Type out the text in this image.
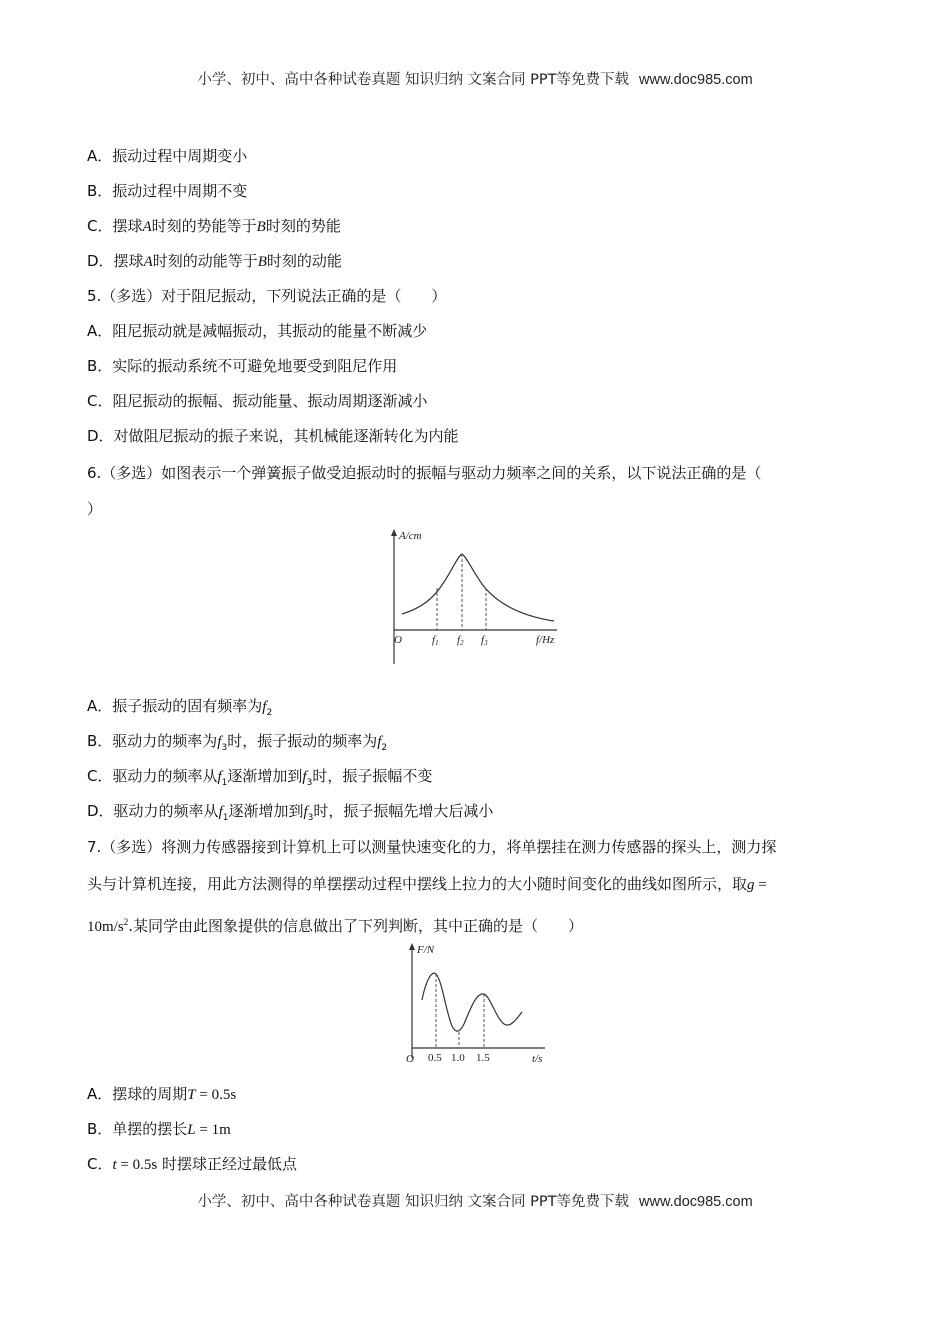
小学、初中、高中各种试卷真题 知识归纳 文案合同 PPT等免费下载 www.doc985.com
A．振动过程中周期变小
B．振动过程中周期不变
C．摆球A时刻的势能等于B时刻的势能
D．摆球A时刻的动能等于B时刻的动能
5.（多选）对于阻尼振动，下列说法正确的是（　　）
A．阻尼振动就是减幅振动，其振动的能量不断减少
B．实际的振动系统不可避免地要受到阻尼作用
C．阻尼振动的振幅、振动能量、振动周期逐渐减小
D．对做阻尼振动的振子来说，其机械能逐渐转化为内能
6.（多选）如图表示一个弹簧振子做受迫振动时的振幅与驱动力频率之间的关系，以下说法正确的是（
）
A/cm
O	f1 f2 f3	f/Hz
A．振子振动的固有频率为$f_2$
B．驱动力的频率为$f_3$时，振子振动的频率为$f_2$
C．驱动力的频率从$f_1$逐渐增加到$f_3$时，振子振幅不变
D．驱动力的频率从$f_1$逐渐增加到$f_3$时，振子振幅先增大后减小
7.（多选）将测力传感器接到计算机上可以测量快速变化的力，将单摆挂在测力传感器的探头上，测力探
头与计算机连接，用此方法测得的单摆摆动过程中摆线上拉力的大小随时间变化的曲线如图所示，取g =
$10m/s^2$.某同学由此图象提供的信息做出了下列判断，其中正确的是（　　）
F/N
O 0.5 1.0 1.5	t/s
A．摆球的周期T = 0.5s
B．单摆的摆长L = 1m
C．t = 0.5s 时摆球正经过最低点
小学、初中、高中各种试卷真题 知识归纳 文案合同 PPT等免费下载 www.doc985.com
